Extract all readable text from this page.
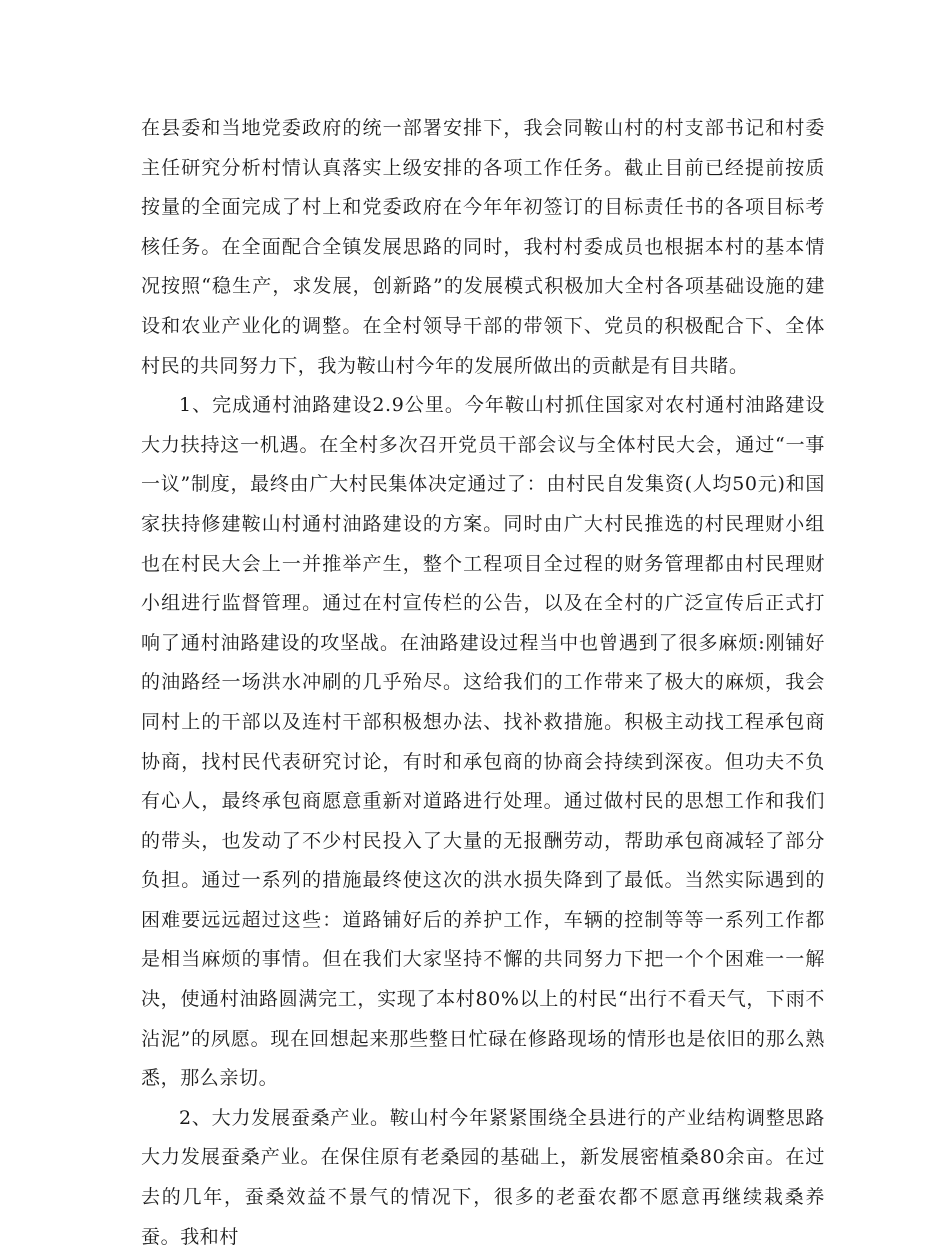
在县委和当地党委政府的统一部署安排下，我会同鞍山村的村支部书记和村委主任研究分析村情认真落实上级安排的各项工作任务。截止目前已经提前按质按量的全面完成了村上和党委政府在今年年初签订的目标责任书的各项目标考核任务。在全面配合全镇发展思路的同时，我村村委成员也根据本村的基本情况按照“稳生产，求发展，创新路”的发展模式积极加大全村各项基础设施的建设和农业产业化的调整。在全村领导干部的带领下、党员的积极配合下、全体村民的共同努力下，我为鞍山村今年的发展所做出的贡献是有目共睹。

1、完成通村油路建设2.9公里。今年鞍山村抓住国家对农村通村油路建设大力扶持这一机遇。在全村多次召开党员干部会议与全体村民大会，通过“一事一议”制度，最终由广大村民集体决定通过了：由村民自发集资(人均50元)和国家扶持修建鞍山村通村油路建设的方案。同时由广大村民推选的村民理财小组也在村民大会上一并推举产生，整个工程项目全过程的财务管理都由村民理财小组进行监督管理。通过在村宣传栏的公告，以及在全村的广泛宣传后正式打响了通村油路建设的攻坚战。在油路建设过程当中也曾遇到了很多麻烦:刚铺好的油路经一场洪水冲刷的几乎殆尽。这给我们的工作带来了极大的麻烦，我会同村上的干部以及连村干部积极想办法、找补救措施。积极主动找工程承包商协商，找村民代表研究讨论，有时和承包商的协商会持续到深夜。但功夫不负有心人，最终承包商愿意重新对道路进行处理。通过做村民的思想工作和我们的带头，也发动了不少村民投入了大量的无报酬劳动，帮助承包商减轻了部分负担。通过一系列的措施最终使这次的洪水损失降到了最低。当然实际遇到的困难要远远超过这些：道路铺好后的养护工作，车辆的控制等等一系列工作都是相当麻烦的事情。但在我们大家坚持不懈的共同努力下把一个个困难一一解决，使通村油路圆满完工，实现了本村80%以上的村民“出行不看天气，下雨不沾泥”的夙愿。现在回想起来那些整日忙碌在修路现场的情形也是依旧的那么熟悉，那么亲切。

2、大力发展蚕桑产业。鞍山村今年紧紧围绕全县进行的产业结构调整思路大力发展蚕桑产业。在保住原有老桑园的基础上，新发展密植桑80余亩。在过去的几年，蚕桑效益不景气的情况下，很多的老蚕农都不愿意再继续栽桑养蚕。我和村
